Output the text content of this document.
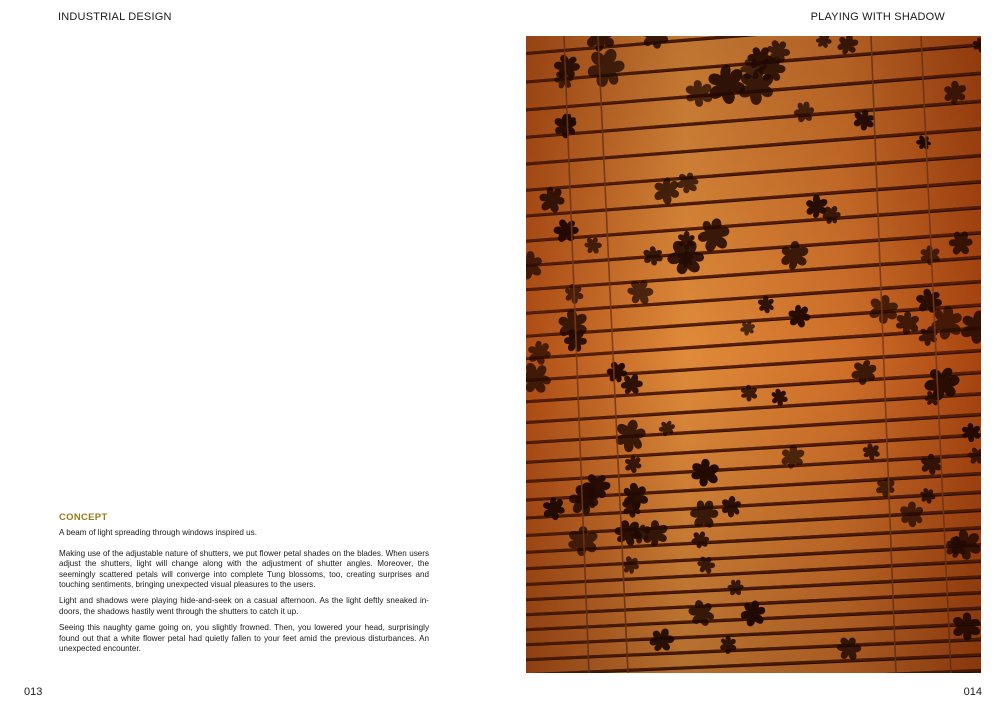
INDUSTRIAL DESIGN	PLAYING WITH SHADOW
CONCEPT

A beam of light spreading through windows inspired us.

Making use of the adjustable nature of shutters, we put flower petal shades on the blades. When users adjust the shutters, light will change along with the adjustment of shutter angles. Moreover, the seemingly scattered petals will converge into complete Tung blossoms, too, creating surprises and touching sentiments, bringing unexpected visual pleasures to the users.

Light and shadows were playing hide-and-seek on a casual afternoon. As the light deftly sneaked in-doors, the shadows hastily went through the shutters to catch it up.

Seeing this naughty game going on, you slightly frowned. Then, you lowered your head, surprisingly found out that a white flower petal had quietly fallen to your feet amid the previous disturbances. An unexpected encounter.

013	014
